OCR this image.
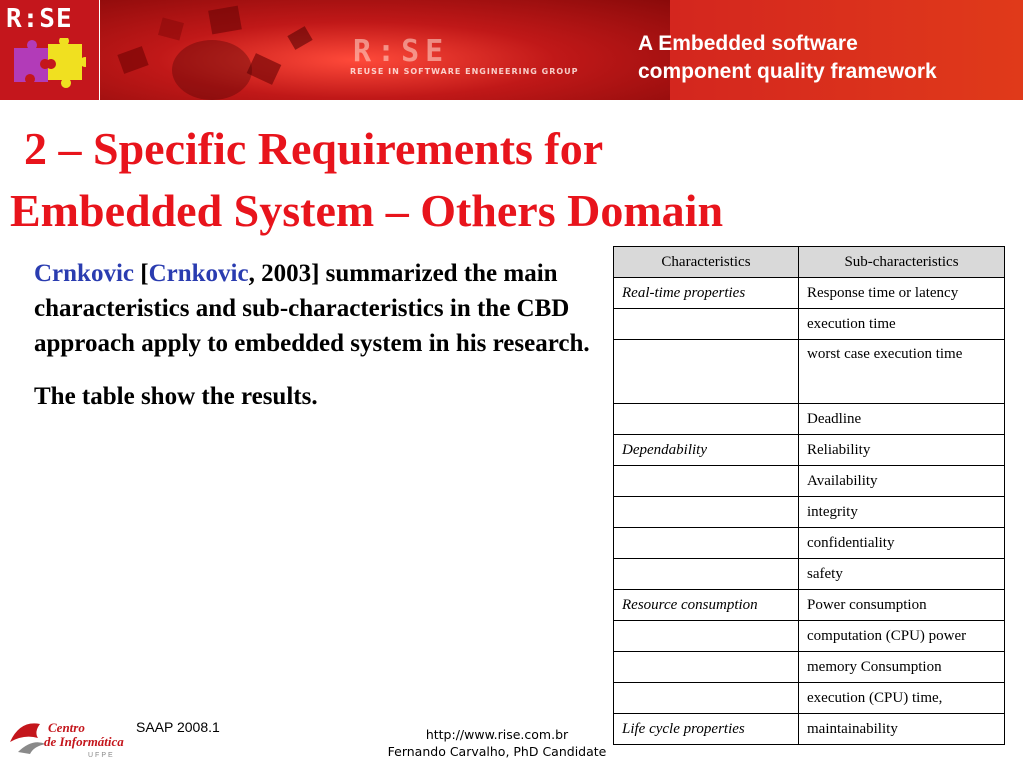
R:SE
R:SE
REUSE IN SOFTWARE ENGINEERING GROUP
A Embedded software
component quality framework
2 – Specific Requirements for
Embedded System – Others Domain

Crnkovic [Crnkovic, 2003] summarized the main characteristics and sub-characteristics in the CBD approach apply to embedded system in his research.

The table show the results.

Characteristics	Sub-characteristics
Real-time properties	Response time or latency
	execution time
	worst case execution time
	Deadline
Dependability	Reliability
	Availability
	integrity
	confidentiality
	safety
Resource consumption	Power consumption
	computation (CPU) power
	memory Consumption
	execution (CPU) time,
Life cycle properties	maintainability
Centro
de Informática
UFPE
SAAP 2008.1	http://www.rise.com.br
Fernando Carvalho, PhD Candidate
